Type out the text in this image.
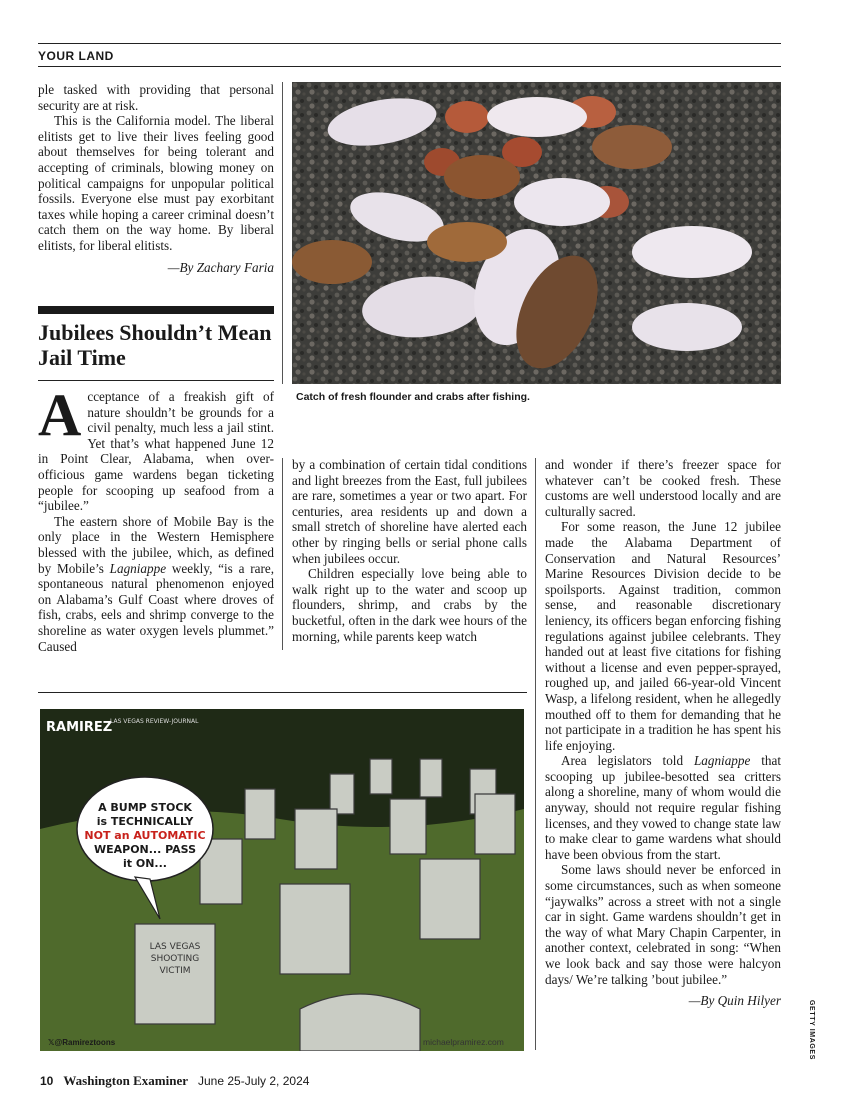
YOUR LAND

ple tasked with providing that personal security are at risk.

This is the California model. The liberal elitists get to live their lives feeling good about themselves for being tolerant and accepting of criminals, blowing money on political campaigns for unpopular political fossils. Everyone else must pay exorbitant taxes while hoping a career criminal doesn’t catch them on the way home. By liberal elitists, for liberal elitists.

—By Zachary Faria
Jubilees Shouldn’t Mean Jail Time
Catch of fresh flounder and crabs after fishing.

Acceptance of a freakish gift of nature shouldn’t be grounds for a civil penalty, much less a jail stint. Yet that’s what happened June 12 in Point Clear, Alabama, when over-officious game wardens began ticketing people for scooping up seafood from a “jubilee.”

The eastern shore of Mobile Bay is the only place in the Western Hemisphere blessed with the jubilee, which, as defined by Mobile’s Lagniappe weekly, “is a rare, spontaneous natural phenomenon enjoyed on Alabama’s Gulf Coast where droves of fish, crabs, eels and shrimp converge to the shoreline as water oxygen levels plummet.” Caused

by a combination of certain tidal conditions and light breezes from the East, full jubilees are rare, sometimes a year or two apart. For centuries, area residents up and down a small stretch of shoreline have alerted each other by ringing bells or serial phone calls when jubilees occur.

Children especially love being able to walk right up to the water and scoop up flounders, shrimp, and crabs by the bucketful, often in the dark wee hours of the morning, while parents keep watch

and wonder if there’s freezer space for whatever can’t be cooked fresh. These customs are well understood locally and are culturally sacred.

For some reason, the June 12 jubilee made the Alabama Department of Conservation and Natural Resources’ Marine Resources Division decide to be spoilsports. Against tradition, common sense, and reasonable discretionary leniency, its officers began enforcing fishing regulations against jubilee celebrants. They handed out at least five citations for fishing without a license and even pepper-sprayed, roughed up, and jailed 66-year-old Vincent Wasp, a lifelong resident, when he allegedly mouthed off to them for demanding that he not participate in a tradition he has spent his life enjoying.

Area legislators told Lagniappe that scooping up jubilee-besotted sea critters along a shoreline, many of whom would die anyway, should not require regular fishing licenses, and they vowed to change state law to make clear to game wardens what should have been obvious from the start.

Some laws should never be enforced in some circumstances, such as when someone “jaywalks” across a street with not a single car in sight. Game wardens shouldn’t get in the way of what Mary Chapin Carpenter, in another context, celebrated in song: “When we look back and say those were halcyon days/ We’re talking ’bout jubilee.”

—By Quin Hilyer	GETTY IMAGES
LAS VEGAS
SHOOTING
VICTIM
A BUMP STOCK
is TECHNICALLY
NOT an AUTOMATIC
WEAPON... PASS
it ON...
RAMIREZ
LAS VEGAS REVIEW-JOURNAL
𝕏@Ramireztoons	michaelpramirez.com
10 Washington Examiner June 25-July 2, 2024
